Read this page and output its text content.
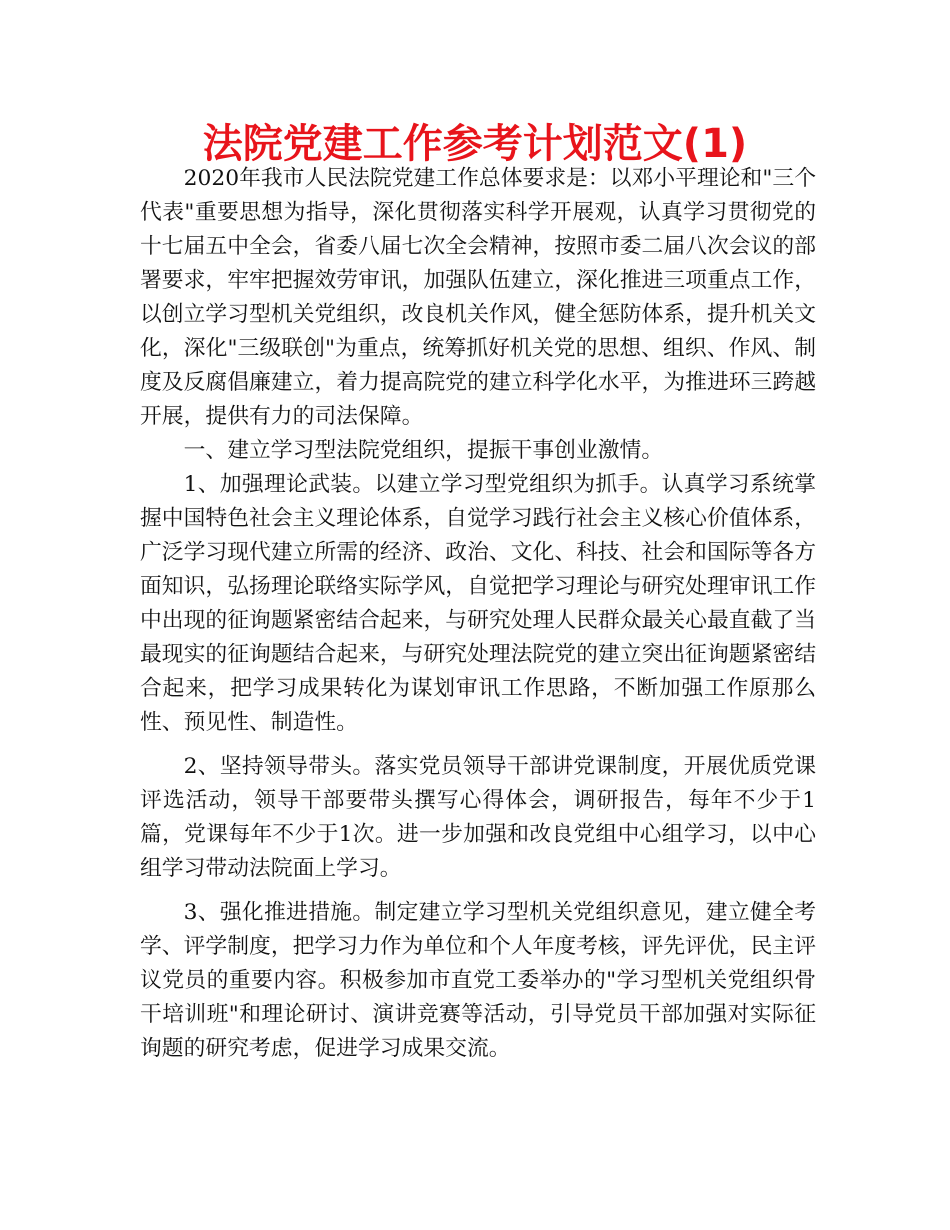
法院党建工作参考计划范文(1)

2020年我市人民法院党建工作总体要求是：以邓小平理论和"三个代表"重要思想为指导，深化贯彻落实科学开展观，认真学习贯彻党的十七届五中全会，省委八届七次全会精神，按照市委二届八次会议的部署要求，牢牢把握效劳审讯，加强队伍建立，深化推进三项重点工作，以创立学习型机关党组织，改良机关作风，健全惩防体系，提升机关文化，深化"三级联创"为重点，统筹抓好机关党的思想、组织、作风、制度及反腐倡廉建立，着力提高院党的建立科学化水平，为推进环三跨越开展，提供有力的司法保障。

一、建立学习型法院党组织，提振干事创业激情。

1、加强理论武装。以建立学习型党组织为抓手。认真学习系统掌握中国特色社会主义理论体系，自觉学习践行社会主义核心价值体系，广泛学习现代建立所需的经济、政治、文化、科技、社会和国际等各方面知识，弘扬理论联络实际学风，自觉把学习理论与研究处理审讯工作中出现的征询题紧密结合起来，与研究处理人民群众最关心最直截了当最现实的征询题结合起来，与研究处理法院党的建立突出征询题紧密结合起来，把学习成果转化为谋划审讯工作思路，不断加强工作原那么性、预见性、制造性。

2、坚持领导带头。落实党员领导干部讲党课制度，开展优质党课评选活动，领导干部要带头撰写心得体会，调研报告，每年不少于1篇，党课每年不少于1次。进一步加强和改良党组中心组学习，以中心组学习带动法院面上学习。

3、强化推进措施。制定建立学习型机关党组织意见，建立健全考学、评学制度，把学习力作为单位和个人年度考核，评先评优，民主评议党员的重要内容。积极参加市直党工委举办的"学习型机关党组织骨干培训班"和理论研讨、演讲竞赛等活动，引导党员干部加强对实际征询题的研究考虑，促进学习成果交流。
